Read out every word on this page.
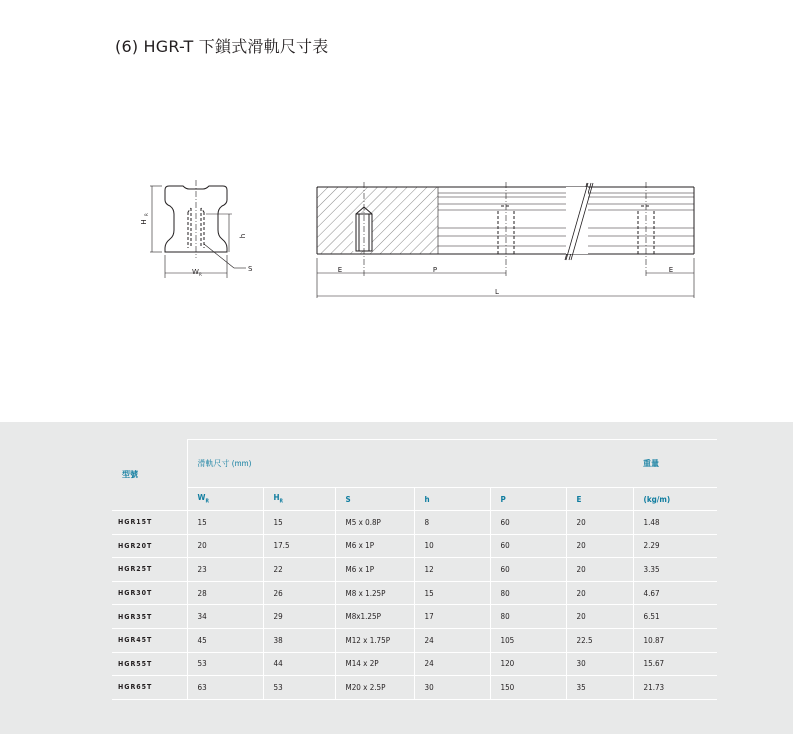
(6) HGR-T 下鎖式滑軌尺寸表
H
R
h
W R
S	E	P	E
L
型號	滑軌尺寸 (mm)						重量
	$W_R$	$H_R$	S	h	P	E	(kg/m)
HGR15T	15	15	M5 x 0.8P	8	60	20	1.48
HGR20T	20	17.5	M6 x 1P	10	60	20	2.29
HGR25T	23	22	M6 x 1P	12	60	20	3.35
HGR30T	28	26	M8 x 1.25P	15	80	20	4.67
HGR35T	34	29	M8x1.25P	17	80	20	6.51
HGR45T	45	38	M12 x 1.75P	24	105	22.5	10.87
HGR55T	53	44	M14 x 2P	24	120	30	15.67
HGR65T	63	53	M20 x 2.5P	30	150	35	21.73
